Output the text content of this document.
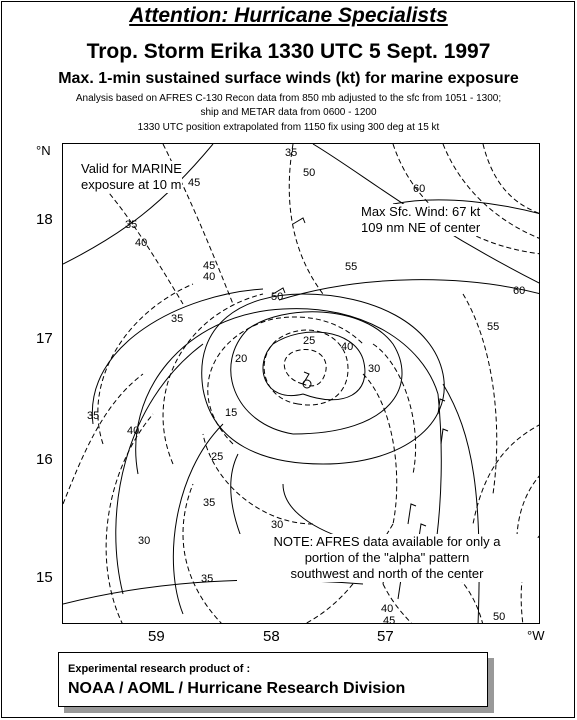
Attention: Hurricane Specialists
Trop. Storm Erika 1330 UTC 5 Sept. 1997
Max. 1-min sustained surface winds (kt) for marine exposure
Analysis based on AFRES C-130 Recon data from 850 mb adjusted to the sfc from 1051 - 1300;
ship and METAR data from 0600 - 1200
1330 UTC position extrapolated from 1150 fix using 300 deg at 15 kt
°N
18
17
16
15
59	58	57	°W
35
50
45	60
35
40
45
40
55
50	60
55
35
25 40
30
20
15
25
30
35
30
35
40
35
40
45	50
Valid for MARINE
exposure at 10 m
Max Sfc. Wind: 67 kt
109 nm NE of center
NOTE: AFRES data available for only a
portion of the "alpha" pattern
southwest and north of the center
Experimental research product of :
NOAA / AOML / Hurricane Research Division
